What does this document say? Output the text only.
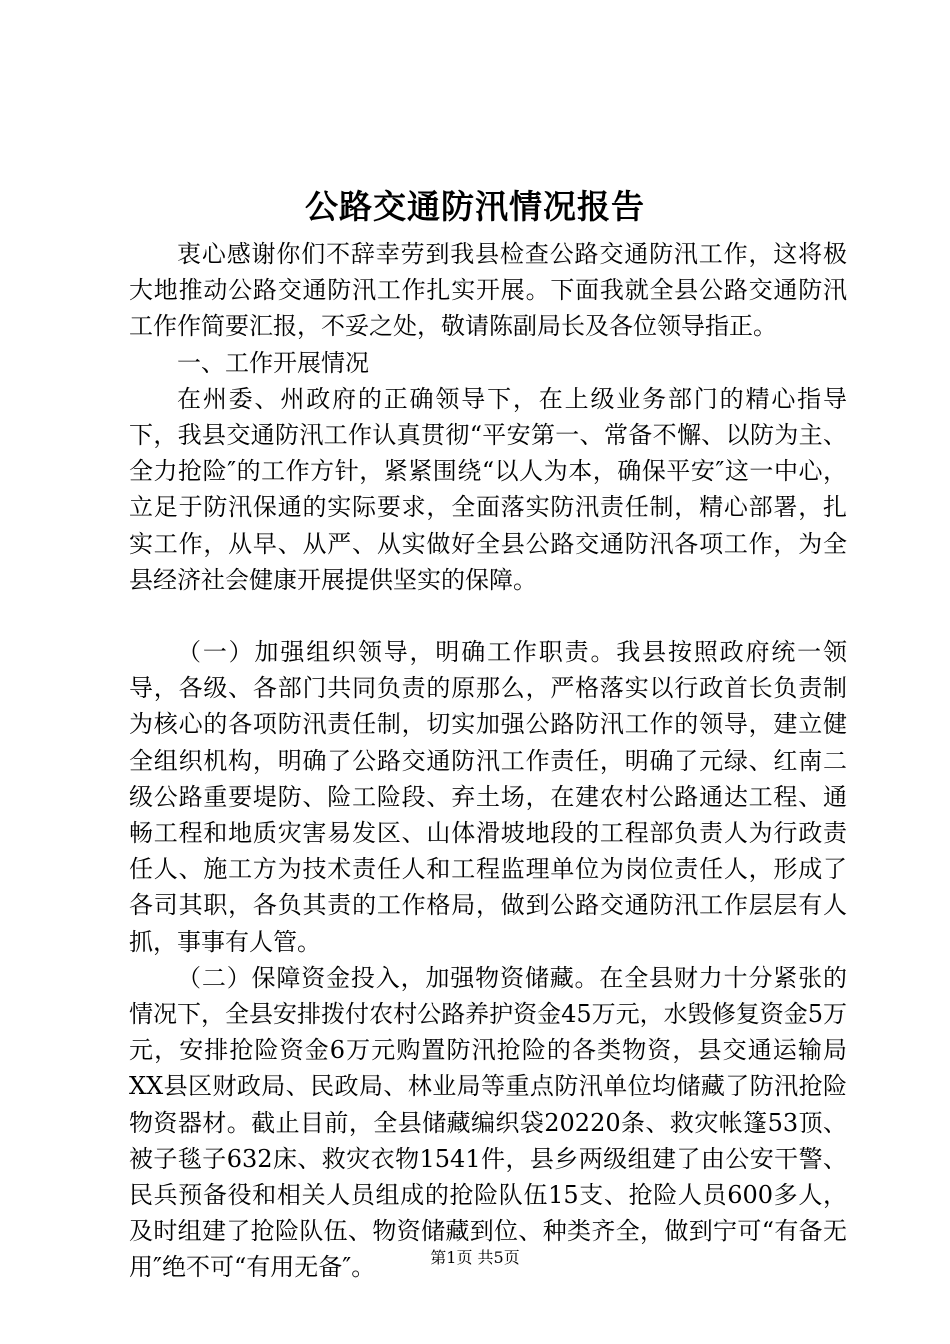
公路交通防汛情况报告

衷心感谢你们不辞幸劳到我县检查公路交通防汛工作，这将极大地推动公路交通防汛工作扎实开展。下面我就全县公路交通防汛工作作简要汇报，不妥之处，敬请陈副局长及各位领导指正。

一、工作开展情况

在州委、州政府的正确领导下，在上级业务部门的精心指导下，我县交通防汛工作认真贯彻“平安第一、常备不懈、以防为主、全力抢险″的工作方针，紧紧围绕“以人为本，确保平安″这一中心，立足于防汛保通的实际要求，全面落实防汛责任制，精心部署，扎实工作，从早、从严、从实做好全县公路交通防汛各项工作，为全县经济社会健康开展提供坚实的保障。

（一）加强组织领导，明确工作职责。我县按照政府统一领导，各级、各部门共同负责的原那么，严格落实以行政首长负责制为核心的各项防汛责任制，切实加强公路防汛工作的领导，建立健全组织机构，明确了公路交通防汛工作责任，明确了元绿、红南二级公路重要堤防、险工险段、弃土场，在建农村公路通达工程、通畅工程和地质灾害易发区、山体滑坡地段的工程部负责人为行政责任人、施工方为技术责任人和工程监理单位为岗位责任人，形成了各司其职，各负其责的工作格局，做到公路交通防汛工作层层有人抓，事事有人管。

（二）保障资金投入，加强物资储藏。在全县财力十分紧张的情况下，全县安排拨付农村公路养护资金45万元，水毁修复资金5万元，安排抢险资金6万元购置防汛抢险的各类物资，县交通运输局XX县区财政局、民政局、林业局等重点防汛单位均储藏了防汛抢险物资器材。截止目前，全县储藏编织袋20220条、救灾帐篷53顶、被子毯子632床、救灾衣物1541件，县乡两级组建了由公安干警、民兵预备役和相关人员组成的抢险队伍15支、抢险人员600多人，及时组建了抢险队伍、物资储藏到位、种类齐全，做到宁可“有备无用″绝不可“有用无备″。	第1页 共5页
